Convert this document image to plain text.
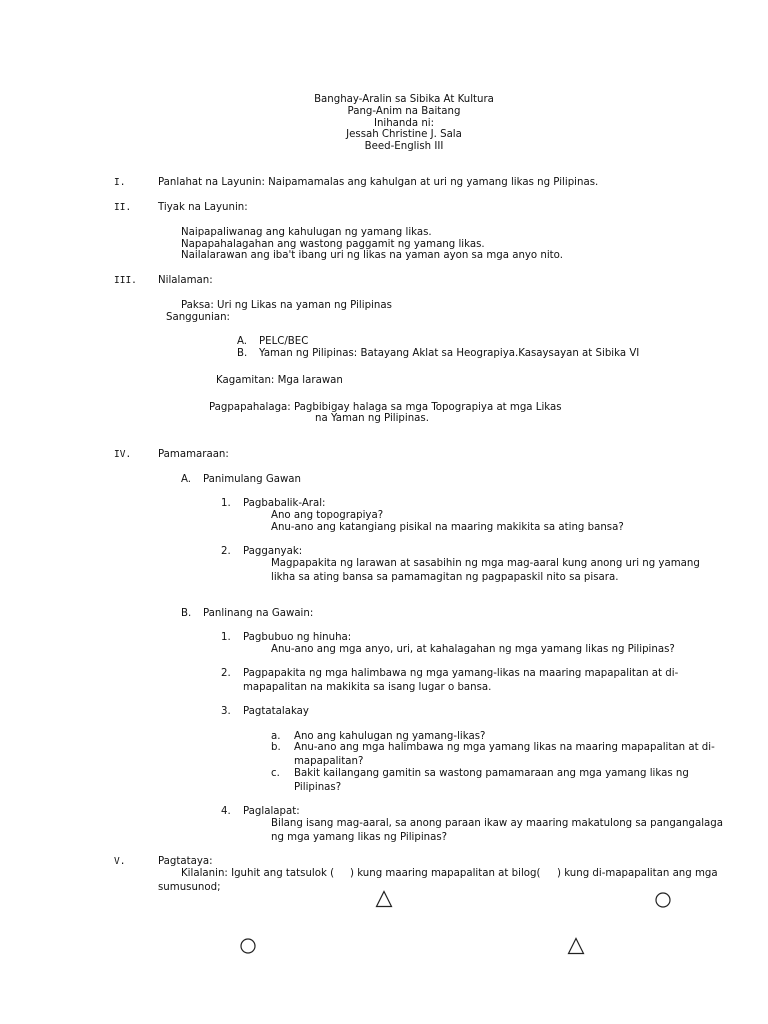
Banghay-Aralin sa Sibika At Kultura
Pang-Anim na Baitang
Inihanda ni:
Jessah Christine J. Sala
Beed-English III
I.	Panlahat na Layunin: Naipamamalas ang kahulgan at uri ng yamang likas ng Pilipinas.
II.	Tiyak na Layunin:
Naipapaliwanag ang kahulugan ng yamang likas.
Napapahalagahan ang wastong paggamit ng yamang likas.
Nailalarawan ang iba't ibang uri ng likas na yaman ayon sa mga anyo nito.
III. Nilalaman:
Paksa: Uri ng Likas na yaman ng Pilipinas
Sanggunian:
A. PELC/BEC
B. Yaman ng Pilipinas: Batayang Aklat sa Heograpiya.Kasaysayan at Sibika VI
Kagamitan: Mga larawan
Pagpapahalaga: Pagbibigay halaga sa mga Topograpiya at mga Likas
na Yaman ng Pilipinas.
IV.	Pamamaraan:
A. Panimulang Gawan
1. Pagbabalik-Aral:
Ano ang topograpiya?
Anu-ano ang katangiang pisikal na maaring makikita sa ating bansa?
2. Pagganyak:
Magpapakita ng larawan at sasabihin ng mga mag-aaral kung anong uri ng yamang
likha sa ating bansa sa pamamagitan ng pagpapaskil nito sa pisara.
B. Panlinang na Gawain:
1. Pagbubuo ng hinuha:
Anu-ano ang mga anyo, uri, at kahalagahan ng mga yamang likas ng Pilipinas?
2. Pagpapakita ng mga halimbawa ng mga yamang-likas na maaring mapapalitan at di-
mapapalitan na makikita sa isang lugar o bansa.
3. Pagtatalakay
a. Ano ang kahulugan ng yamang-likas?
b. Anu-ano ang mga halimbawa ng mga yamang likas na maaring mapapalitan at di-
mapapalitan?
c. Bakit kailangang gamitin sa wastong pamamaraan ang mga yamang likas ng
Pilipinas?
4. Paglalapat:
Bilang isang mag-aaral, sa anong paraan ikaw ay maaring makatulong sa pangangalaga
ng mga yamang likas ng Pilipinas?
V.	Pagtataya:
Kilalanin: Iguhit ang tatsulok ( ) kung maaring mapapalitan at bilog( ) kung di-mapapalitan ang mga
sumusunod;
